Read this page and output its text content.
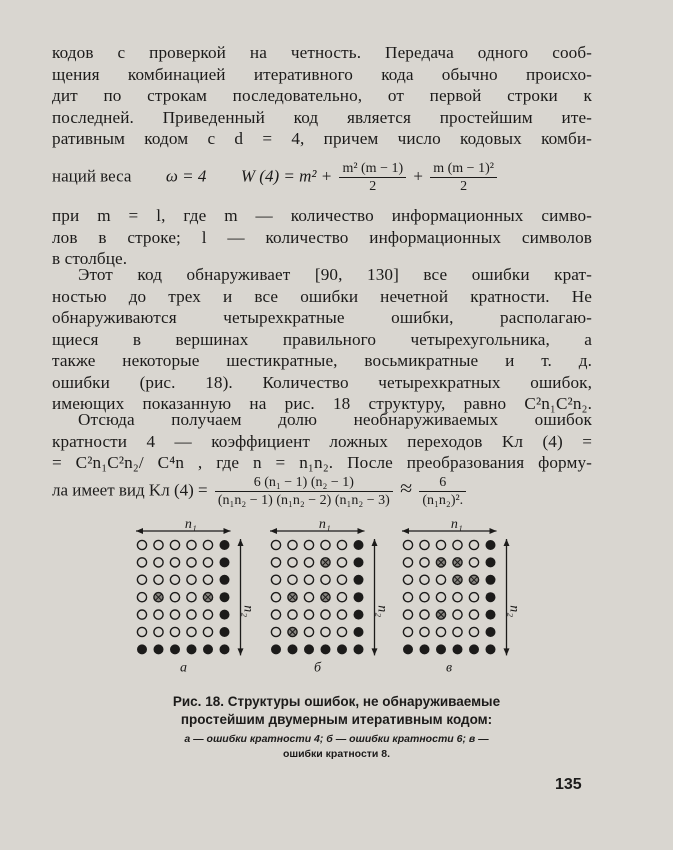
кодов с проверкой на четность. Передача одного сооб-
щения комбинацией итеративного кода обычно происхо-
дит по строкам последовательно, от первой строки к
последней. Приведенный код является простейшим ите-
ративным кодом с d = 4, причем число кодовых комби-
наций веса ω = 4 W $(4) = m^2 + \frac{\text{m² (m − 1)}}{2} + \frac{\text{m (m − 1)²}}{2}$
при m = l, где m — количество информационных симво-
лов в строке; l — количество информационных символов
в столбце.
Этот код обнаруживает [90, 130] все ошибки крат-
ностью до трех и все ошибки нечетной кратности. Не
обнаруживаются четырехкратные ошибки, располагаю-
щиеся в вершинах правильного четырехугольника, а
также некоторые шестикратные, восьмикратные и т. д.
ошибки (рис. 18). Количество четырехкратных ошибок,
имеющих показанную на рис. 18 структуру, равно C²n₁C²n₂.
Отсюда получаем долю необнаруживаемых ошибок
кратности 4 — коэффициент ложных переходов Kл (4) =
= C²n₁C²n₂/ C⁴n , где n = n₁n₂. После преобразования форму-
ла имеет вид Kл $(4) = \frac{\text{6 (n₁ − 1) (n₂ − 1)}}{\text{(n₁n₂ − 1) (n₁n₂ − 2) (n₁n₂ − 3)}} \approx \frac{6}{\text{(n₁n₂)².}}$
n₁
n₂
а
n₁
n₂
б
n₁
n₂
в
Рис. 18. Структуры ошибок, не обнаруживаемые
простейшим двумерным итеративным кодом:
а — ошибки кратности 4; б — ошибки кратности 6; в —
ошибки кратности 8.
135
